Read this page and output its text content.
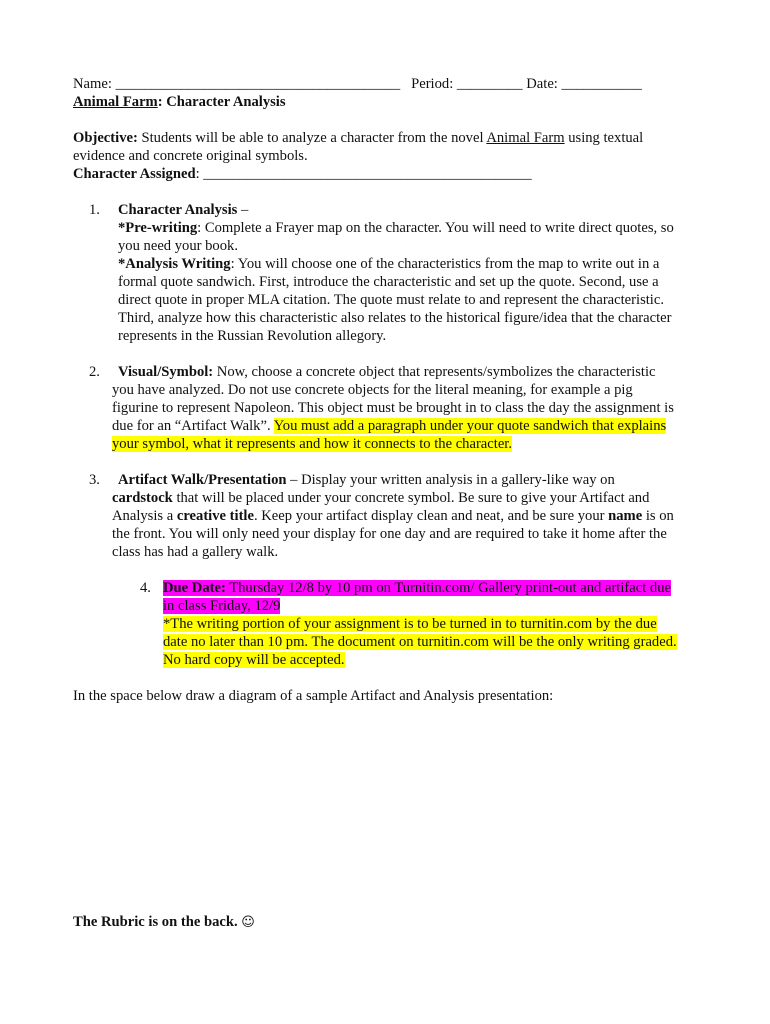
Name: _______________________________________ Period: _________ Date: ___________
Animal Farm: Character Analysis
Objective: Students will be able to analyze a character from the novel Animal Farm using textual
evidence and concrete original symbols.
Character Assigned: _____________________________________________
1.	Character Analysis –
*Pre-writing: Complete a Frayer map on the character. You will need to write direct quotes, so
you need your book.
*Analysis Writing: You will choose one of the characteristics from the map to write out in a
formal quote sandwich. First, introduce the characteristic and set up the quote. Second, use a
direct quote in proper MLA citation. The quote must relate to and represent the characteristic.
Third, analyze how this characteristic also relates to the historical figure/idea that the character
represents in the Russian Revolution allegory.
2.	Visual/Symbol: Now, choose a concrete object that represents/symbolizes the characteristic
you have analyzed. Do not use concrete objects for the literal meaning, for example a pig
figurine to represent Napoleon. This object must be brought in to class the day the assignment is
due for an “Artifact Walk”. You must add a paragraph under your quote sandwich that explains
your symbol, what it represents and how it connects to the character.
3.	Artifact Walk/Presentation – Display your written analysis in a gallery-like way on
cardstock that will be placed under your concrete symbol. Be sure to give your Artifact and
Analysis a creative title. Keep your artifact display clean and neat, and be sure your name is on
the front. You will only need your display for one day and are required to take it home after the
class has had a gallery walk.
4. Due Date: Thursday 12/8 by 10 pm on Turnitin.com/ Gallery print-out and artifact due
in class Friday, 12/9
*The writing portion of your assignment is to be turned in to turnitin.com by the due
date no later than 10 pm. The document on turnitin.com will be the only writing graded.
No hard copy will be accepted.
In the space below draw a diagram of a sample Artifact and Analysis presentation:
The Rubric is on the back. ☺
